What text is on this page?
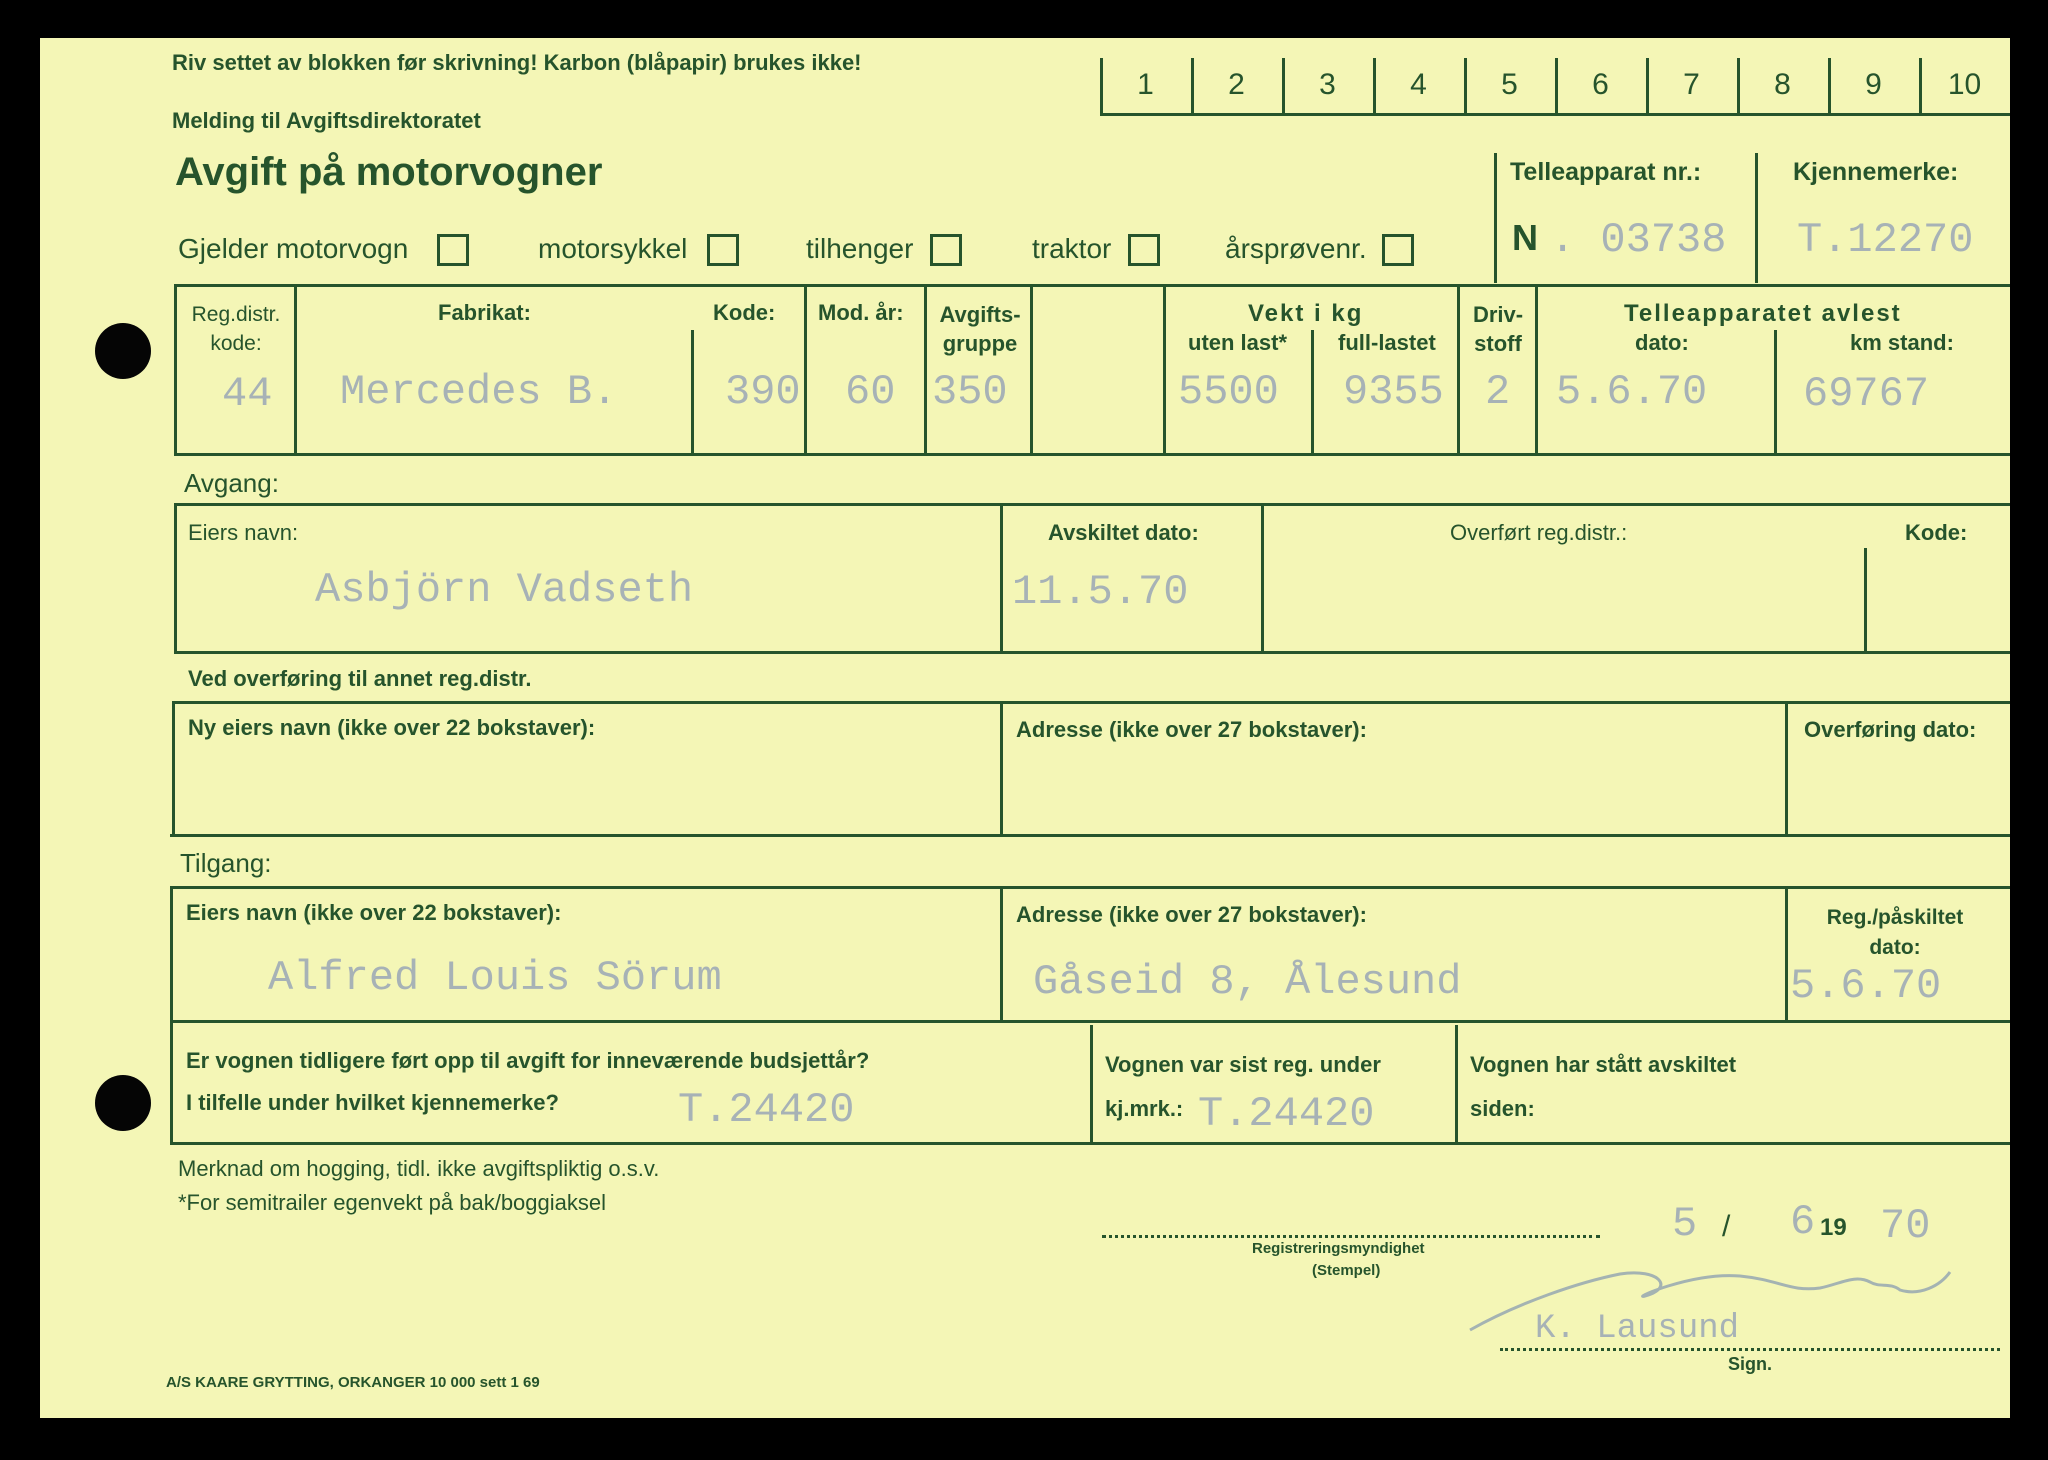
Riv settet av blokken før skrivning! Karbon (blåpapir) brukes ikke!
Melding til Avgiftsdirektoratet
Avgift på motorvogner
1	2	3	4	5	6	7	8	9	10
Gjelder motorvogn	motorsykkel	tilhenger	traktor	årsprøvenr.
Telleapparat nr.:
N . 03738
Kjennemerke:
T.12270
Reg.distr. kode:
44
Fabrikat:
Mercedes B.
Kode:
390
Mod. år:
60
Avgifts- gruppe
350
Vekt i kg
uten last*
5500
full-lastet
9355
Driv- stoff
2
Telleapparatet avlest
dato:
5.6.70
km stand:
69767
Avgang:
Eiers navn:
Asbjörn Vadseth
Avskiltet dato:
11.5.70
Overført reg.distr.:	Kode:
Ved overføring til annet reg.distr.
Ny eiers navn (ikke over 22 bokstaver):	Adresse (ikke over 27 bokstaver):	Overføring dato:
Tilgang:
Eiers navn (ikke over 22 bokstaver):
Alfred Louis Sörum
Adresse (ikke over 27 bokstaver):
Gåseid 8, Ålesund
Reg./påskiltet dato:
5.6.70
Er vognen tidligere ført opp til avgift for inneværende budsjettår?
I tilfelle under hvilket kjennemerke?	T.24420
Vognen var sist reg. under
kj.mrk.: T.24420
Vognen har stått avskiltet
siden:
Merknad om hogging, tidl. ikke avgiftspliktig o.s.v.
*For semitrailer egenvekt på bak/boggiaksel
Registreringsmyndighet
(Stempel)
5 / 6 19 70
K. Lausund
Sign.
A/S KAARE GRYTTING, ORKANGER 10 000 sett 1 69
